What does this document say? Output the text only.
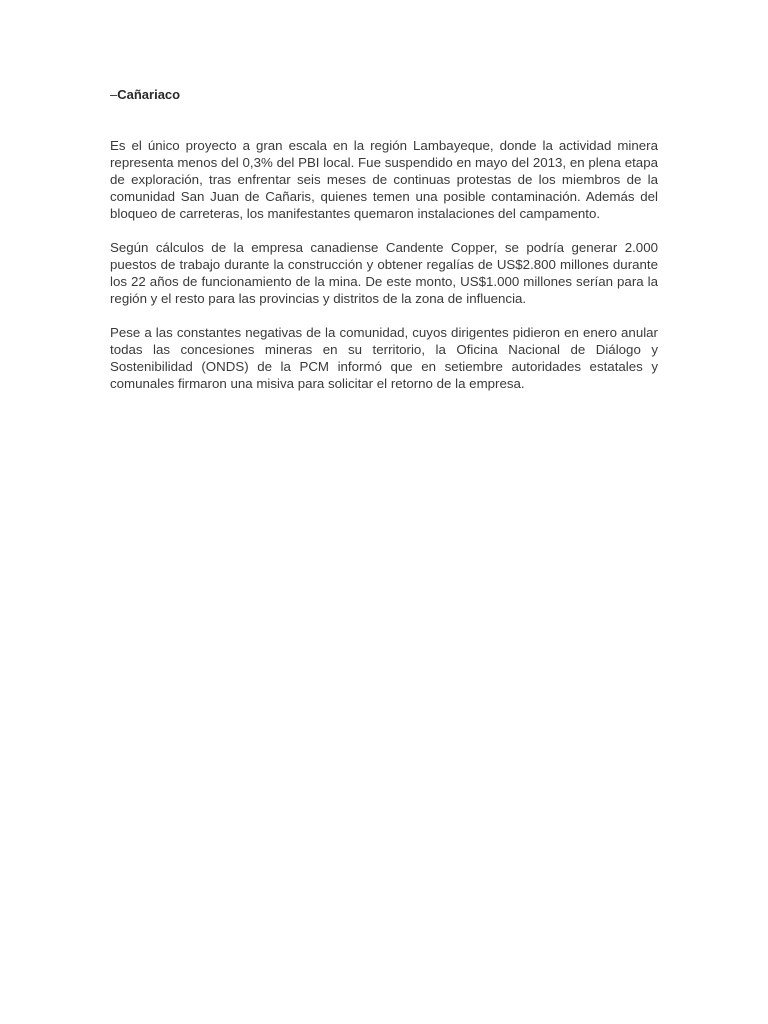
–Cañariaco

Es el único proyecto a gran escala en la región Lambayeque, donde la actividad minera representa menos del 0,3% del PBI local. Fue suspendido en mayo del 2013, en plena etapa de exploración, tras enfrentar seis meses de continuas protestas de los miembros de la comunidad San Juan de Cañaris, quienes temen una posible contaminación. Además del bloqueo de carreteras, los manifestantes quemaron instalaciones del campamento.

Según cálculos de la empresa canadiense Candente Copper, se podría generar 2.000 puestos de trabajo durante la construcción y obtener regalías de US$2.800 millones durante los 22 años de funcionamiento de la mina. De este monto, US$1.000 millones serían para la región y el resto para las provincias y distritos de la zona de influencia.

Pese a las constantes negativas de la comunidad, cuyos dirigentes pidieron en enero anular todas las concesiones mineras en su territorio, la Oficina Nacional de Diálogo y Sostenibilidad (ONDS) de la PCM informó que en setiembre autoridades estatales y comunales firmaron una misiva para solicitar el retorno de la empresa.
